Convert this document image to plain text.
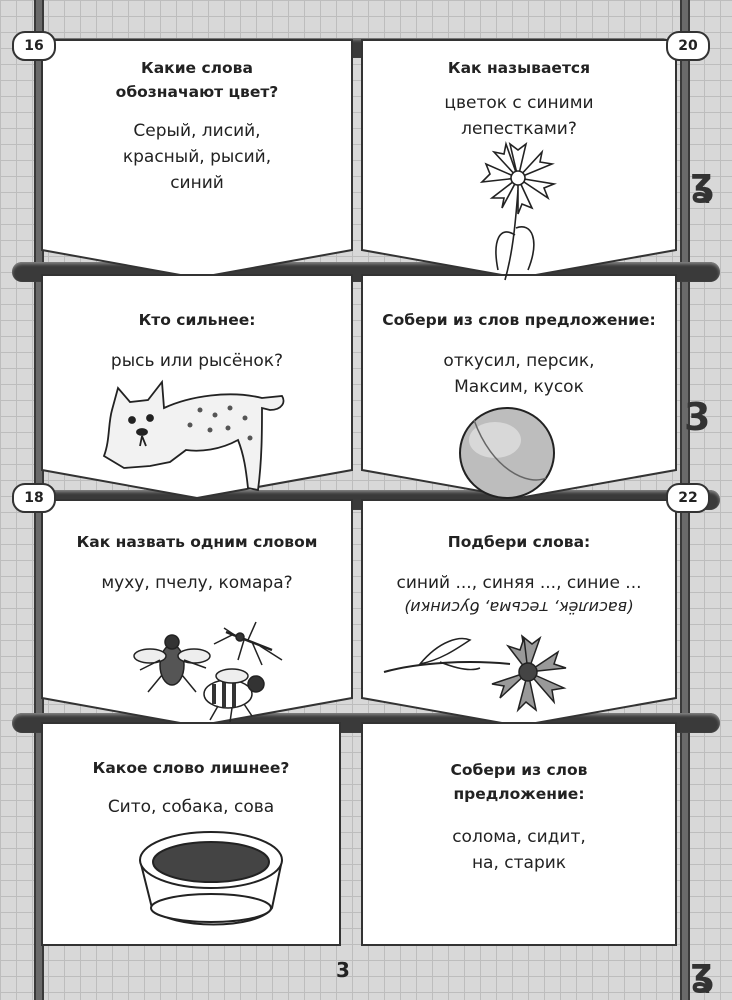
ʓ
3
ʓ
16	20
18	22
Какие слова
обозначают цвет?
Серый, лисий,
красный, рысий,
синий
Как называется
цветок с синими
лепестками?
Кто сильнее:
рысь или рысёнок?
Собери из слов предложение:
откусил, персик,
Максим, кусок
Как назвать одним словом
муху, пчелу, комара?
Подбери слова:
синий ..., синяя ..., синие ...
(василёк, тесьма, бусинки)
Какое слово лишнее?
Сито, собака, сова
Собери из слов
предложение:
солома, сидит,
на, старик
3
